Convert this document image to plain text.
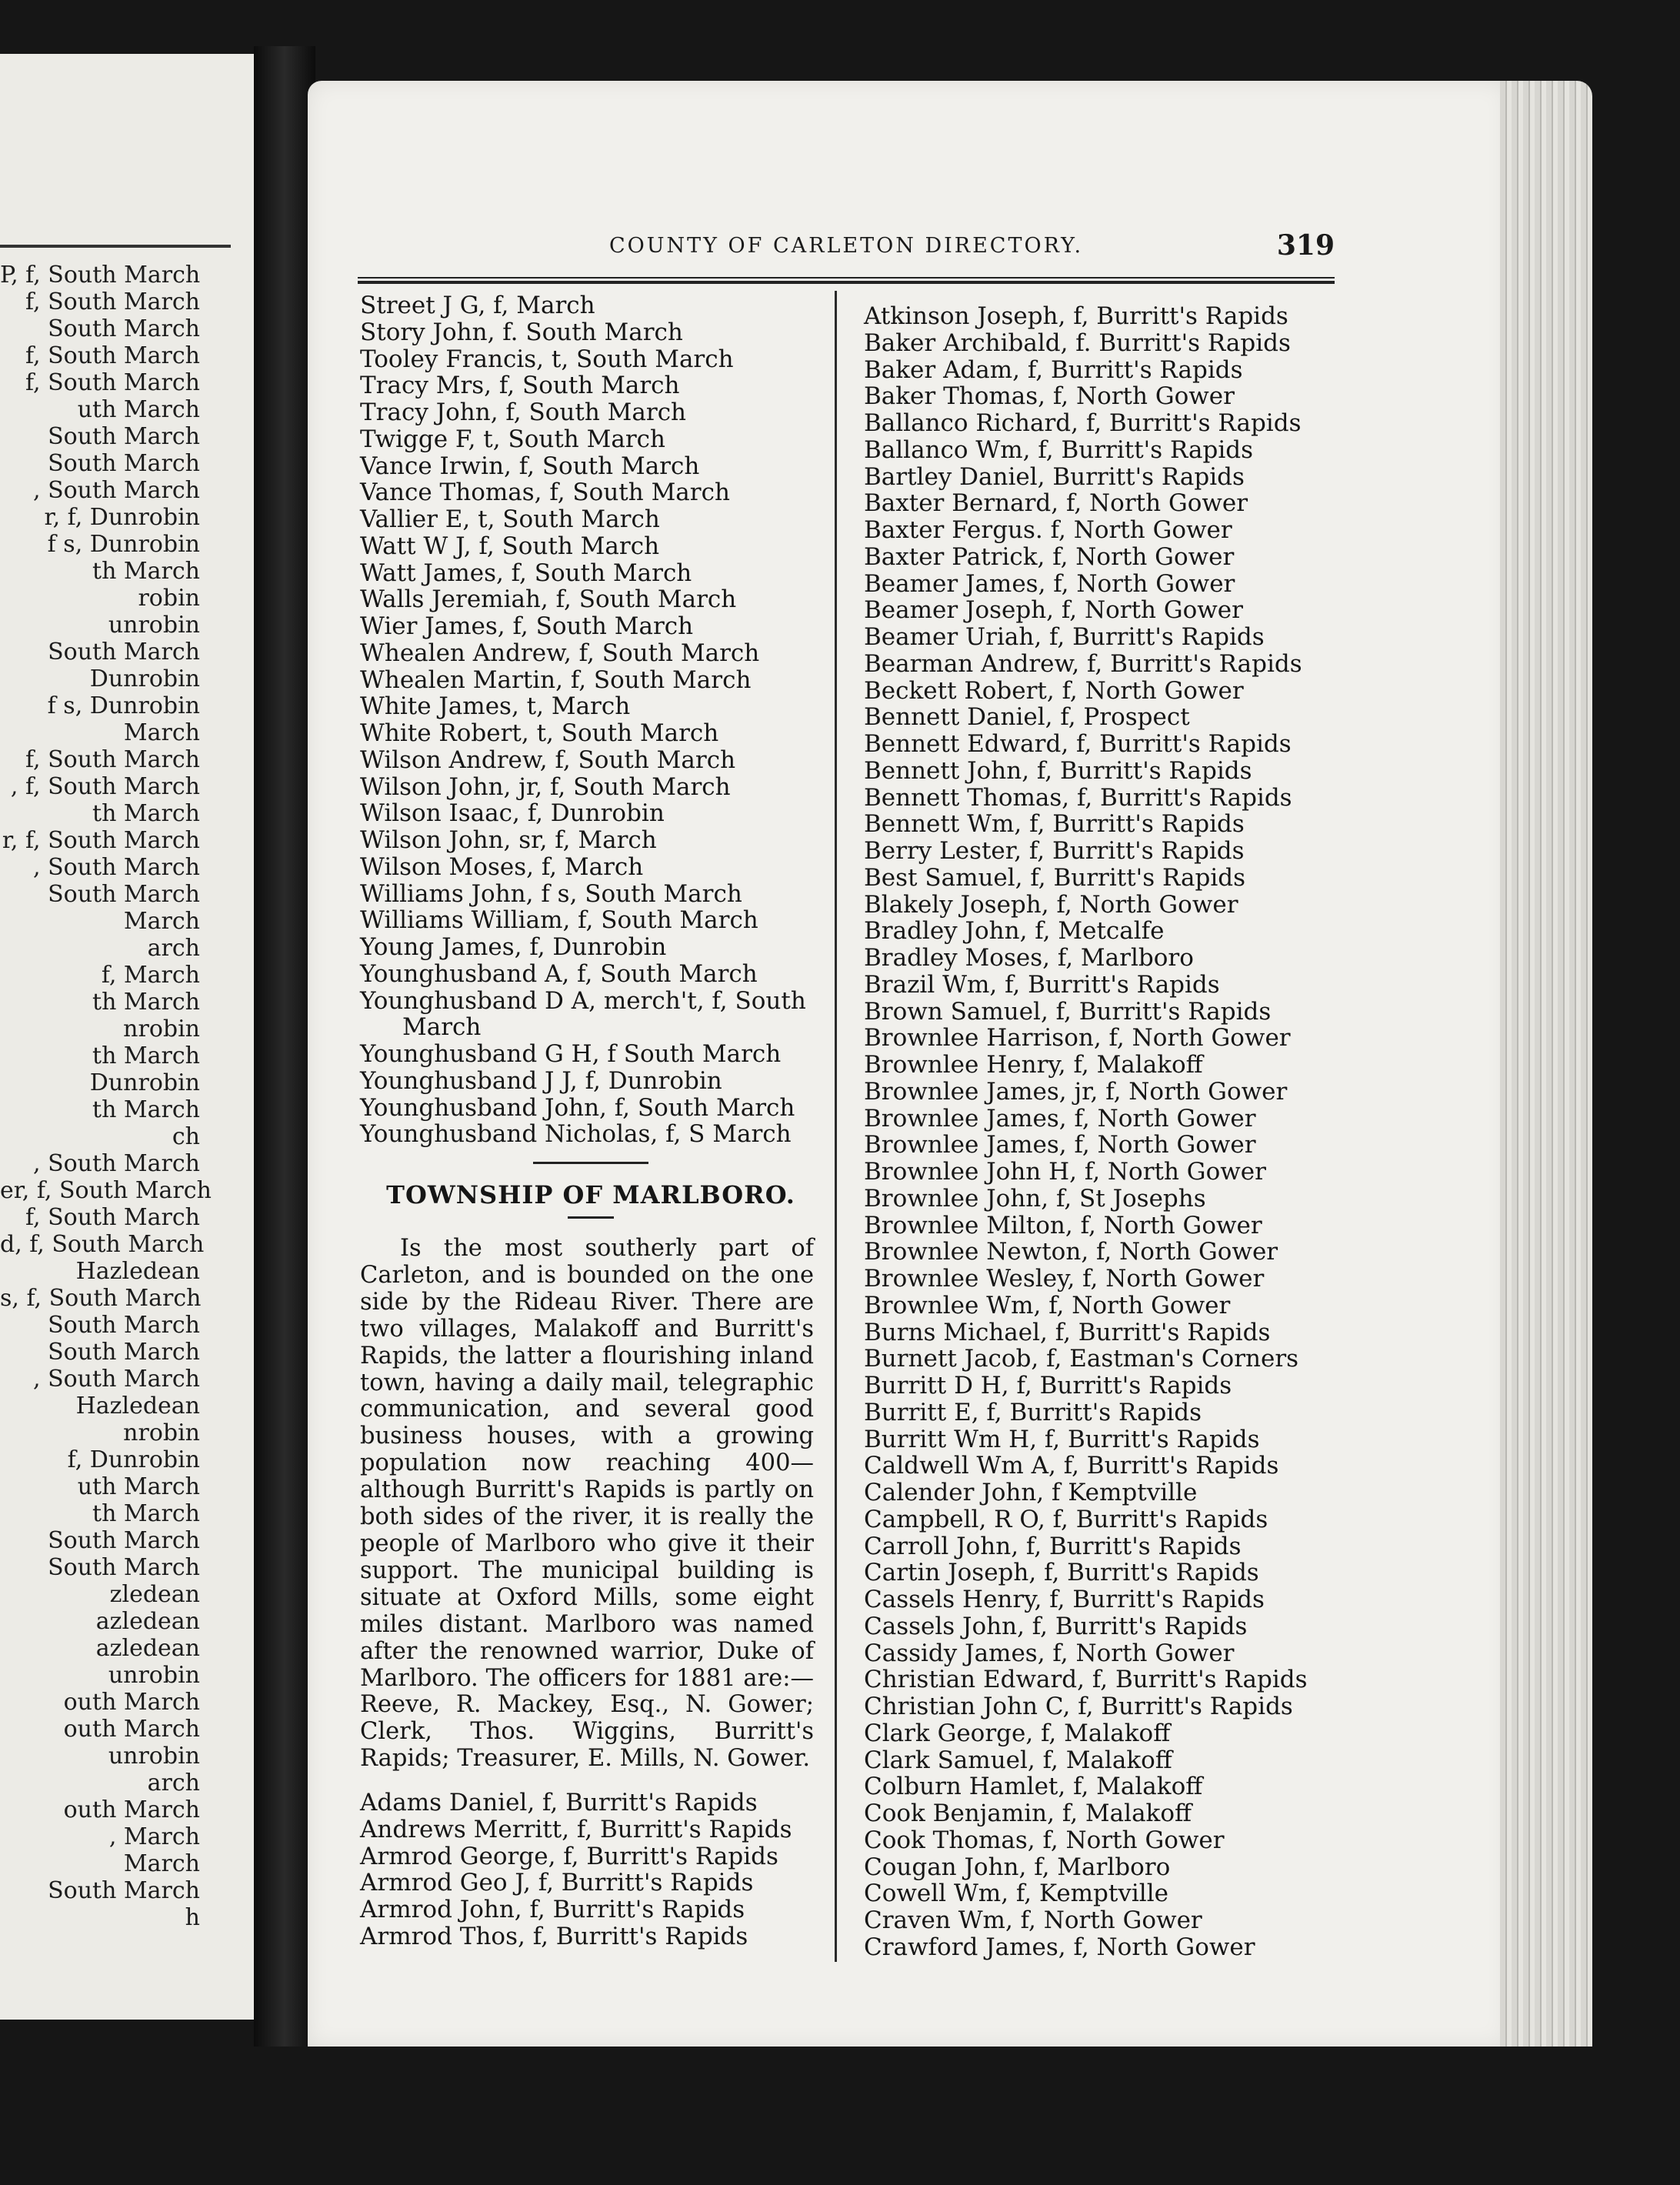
P, f, South March
f, South March
South March
f, South March
f, South March
uth March
South March
South March
, South March
r, f, Dunrobin
f s, Dunrobin
th March
robin
unrobin
South March
Dunrobin
f s, Dunrobin
March
f, South March
, f, South March
th March
r, f, South March
, South March
South March
March
arch
f, March
th March
nrobin
th March
Dunrobin
th March
ch
, South March
er, f, South March
f, South March
d, f, South March
Hazledean
s, f, South March
South March
South March
, South March
Hazledean
nrobin
f, Dunrobin
uth March
th March
South March
South March
zledean
azledean
azledean
unrobin
outh March
outh March
unrobin
arch
outh March
, March
March
South March
h
COUNTY OF CARLETON DIRECTORY.	319
Street J G, f, March
Story John, f. South March
Tooley Francis, t, South March
Tracy Mrs, f, South March
Tracy John, f, South March
Twigge F, t, South March
Vance Irwin, f, South March
Vance Thomas, f, South March
Vallier E, t, South March
Watt W J, f, South March
Watt James, f, South March
Walls Jeremiah, f, South March
Wier James, f, South March
Whealen Andrew, f, South March
Whealen Martin, f, South March
White James, t, March
White Robert, t, South March
Wilson Andrew, f, South March
Wilson John, jr, f, South March
Wilson Isaac, f, Dunrobin
Wilson John, sr, f, March
Wilson Moses, f, March
Williams John, f s, South March
Williams William, f, South March
Young James, f, Dunrobin
Younghusband A, f, South March
Younghusband D A, merch't, f, South
March
Younghusband G H, f South March
Younghusband J J, f, Dunrobin
Younghusband John, f, South March
Younghusband Nicholas, f, S March
TOWNSHIP OF MARLBORO.
Is the most southerly part of Carleton, and is bounded on the one side by the Rideau River. There are two villages, Malakoff and Burritt's Rapids, the latter a flourishing inland town, having a daily mail, telegraphic communication, and several good business houses, with a growing population now reaching 400—although Burritt's Rapids is partly on both sides of the river, it is really the people of Marlboro who give it their support. The municipal building is situate at Oxford Mills, some eight miles distant. Marlboro was named after the renowned warrior, Duke of Marlboro. The officers for 1881 are:—Reeve, R. Mackey, Esq., N. Gower; Clerk, Thos. Wiggins, Burritt's Rapids; Treasurer, E. Mills, N. Gower.
Adams Daniel, f, Burritt's Rapids
Andrews Merritt, f, Burritt's Rapids
Armrod George, f, Burritt's Rapids
Armrod Geo J, f, Burritt's Rapids
Armrod John, f, Burritt's Rapids
Armrod Thos, f, Burritt's Rapids
Atkinson Joseph, f, Burritt's Rapids
Baker Archibald, f. Burritt's Rapids
Baker Adam, f, Burritt's Rapids
Baker Thomas, f, North Gower
Ballanco Richard, f, Burritt's Rapids
Ballanco Wm, f, Burritt's Rapids
Bartley Daniel, Burritt's Rapids
Baxter Bernard, f, North Gower
Baxter Fergus. f, North Gower
Baxter Patrick, f, North Gower
Beamer James, f, North Gower
Beamer Joseph, f, North Gower
Beamer Uriah, f, Burritt's Rapids
Bearman Andrew, f, Burritt's Rapids
Beckett Robert, f, North Gower
Bennett Daniel, f, Prospect
Bennett Edward, f, Burritt's Rapids
Bennett John, f, Burritt's Rapids
Bennett Thomas, f, Burritt's Rapids
Bennett Wm, f, Burritt's Rapids
Berry Lester, f, Burritt's Rapids
Best Samuel, f, Burritt's Rapids
Blakely Joseph, f, North Gower
Bradley John, f, Metcalfe
Bradley Moses, f, Marlboro
Brazil Wm, f, Burritt's Rapids
Brown Samuel, f, Burritt's Rapids
Brownlee Harrison, f, North Gower
Brownlee Henry, f, Malakoff
Brownlee James, jr, f, North Gower
Brownlee James, f, North Gower
Brownlee James, f, North Gower
Brownlee John H, f, North Gower
Brownlee John, f, St Josephs
Brownlee Milton, f, North Gower
Brownlee Newton, f, North Gower
Brownlee Wesley, f, North Gower
Brownlee Wm, f, North Gower
Burns Michael, f, Burritt's Rapids
Burnett Jacob, f, Eastman's Corners
Burritt D H, f, Burritt's Rapids
Burritt E, f, Burritt's Rapids
Burritt Wm H, f, Burritt's Rapids
Caldwell Wm A, f, Burritt's Rapids
Calender John, f Kemptville
Campbell, R O, f, Burritt's Rapids
Carroll John, f, Burritt's Rapids
Cartin Joseph, f, Burritt's Rapids
Cassels Henry, f, Burritt's Rapids
Cassels John, f, Burritt's Rapids
Cassidy James, f, North Gower
Christian Edward, f, Burritt's Rapids
Christian John C, f, Burritt's Rapids
Clark George, f, Malakoff
Clark Samuel, f, Malakoff
Colburn Hamlet, f, Malakoff
Cook Benjamin, f, Malakoff
Cook Thomas, f, North Gower
Cougan John, f, Marlboro
Cowell Wm, f, Kemptville
Craven Wm, f, North Gower
Crawford James, f, North Gower
